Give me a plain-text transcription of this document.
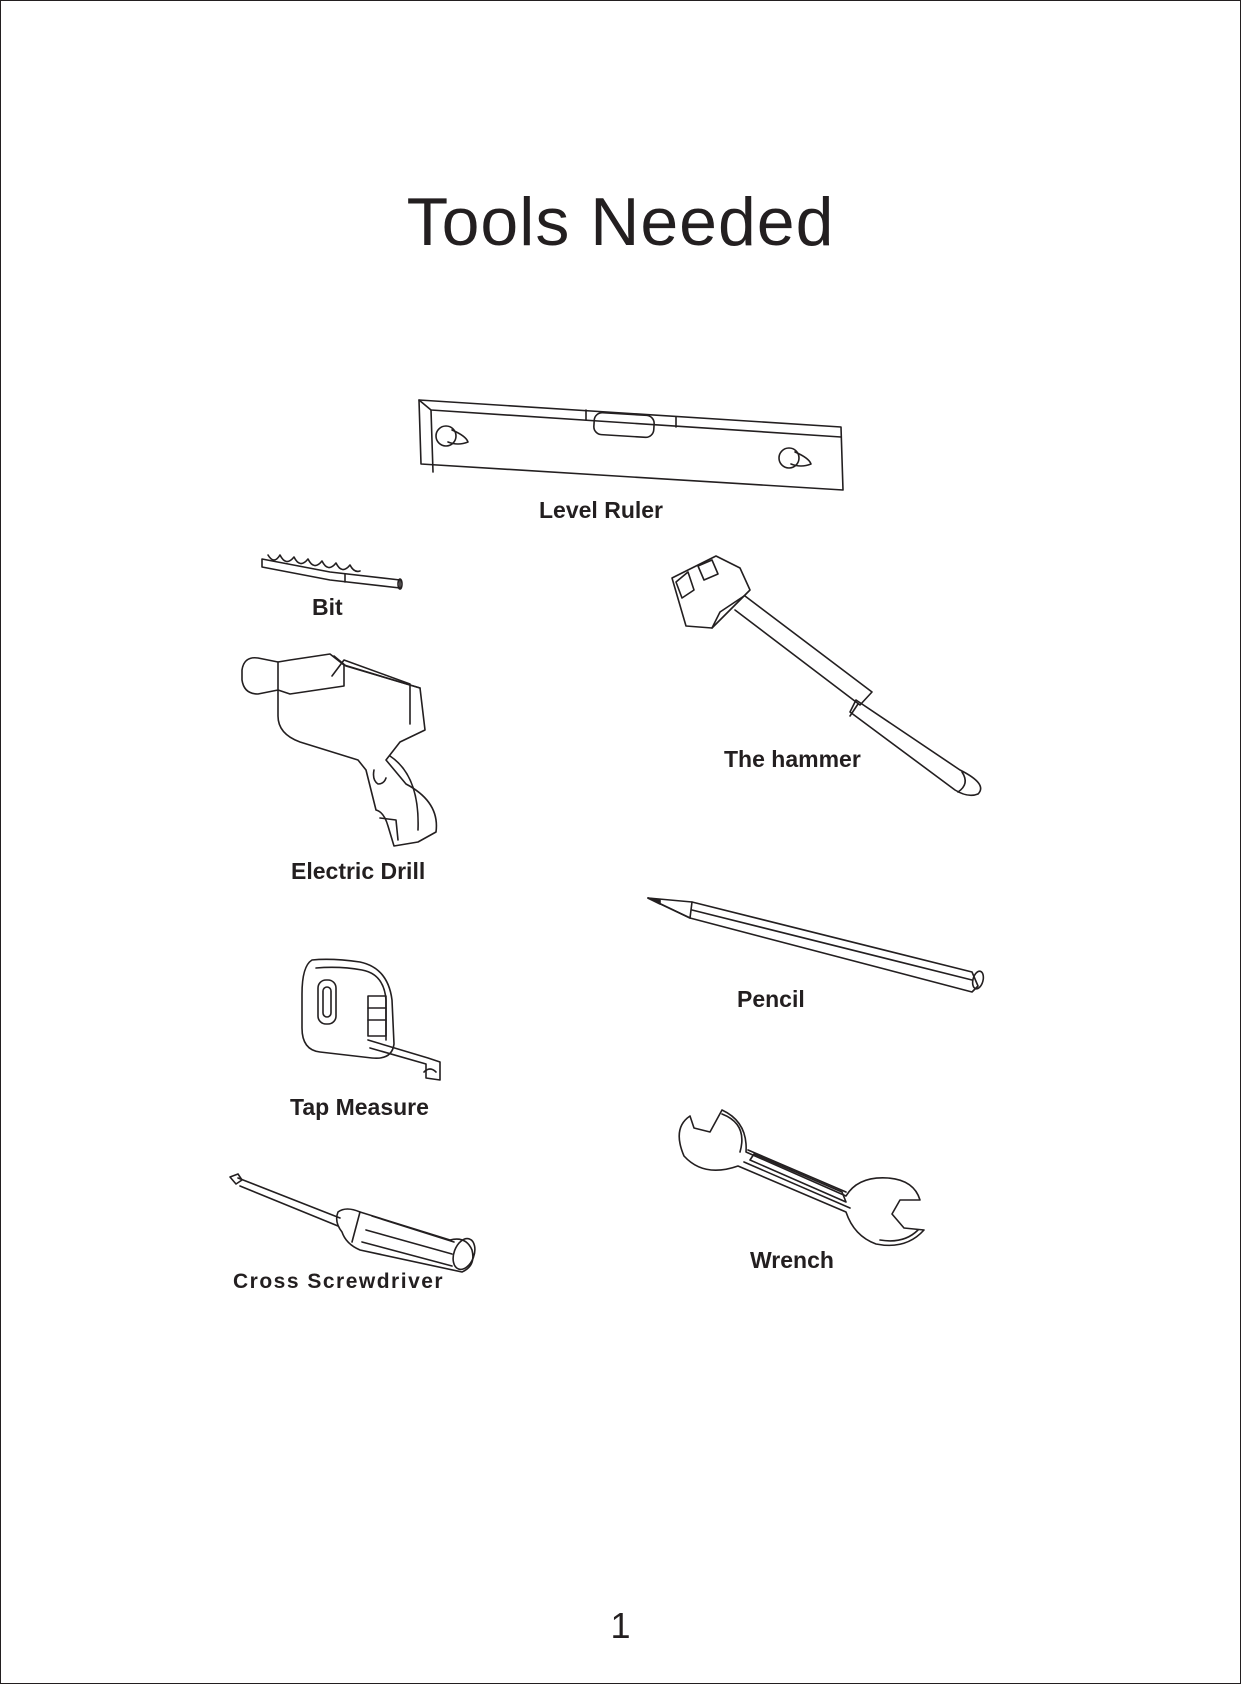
Tools Needed
Level Ruler
Bit
The hammer
Electric Drill
Pencil
Tap Measure
Wrench
Cross Screwdriver
1
